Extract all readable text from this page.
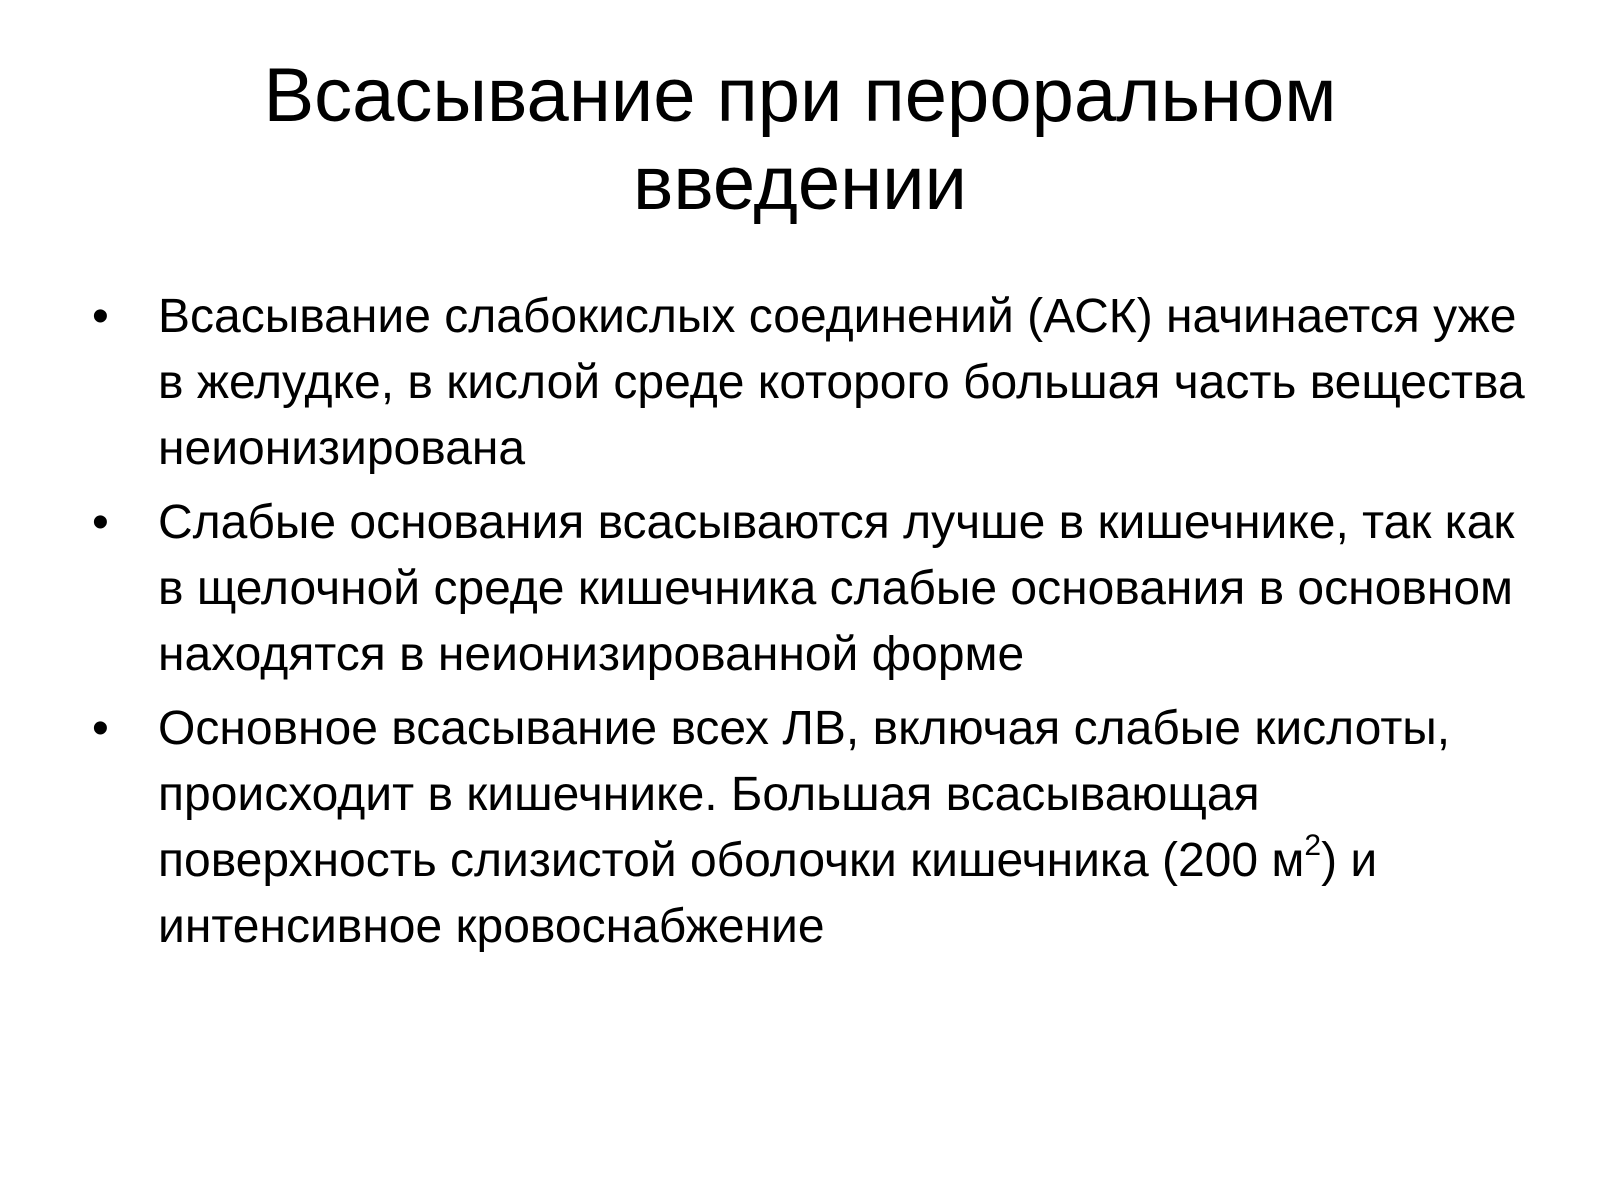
Всасывание при пероральном
введении
• Всасывание слабокислых соединений (АСК) начинается уже в желудке, в кислой среде которого большая часть вещества неионизирована
• Слабые основания всасываются лучше в кишечнике, так как в щелочной среде кишечника слабые основания в основном находятся в неионизированной форме
• Основное всасывание всех ЛВ, включая слабые кислоты, происходит в кишечнике. Большая всасывающая поверхность слизистой оболочки кишечника (200 $м^2$) и интенсивное кровоснабжение
